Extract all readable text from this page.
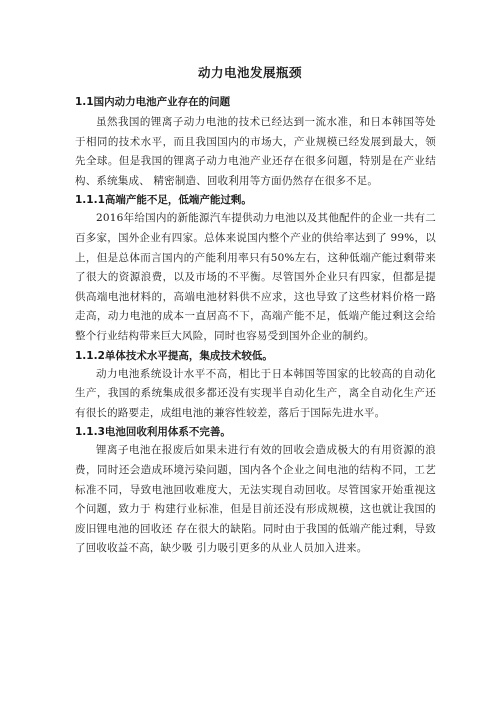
动力电池发展瓶颈

1.1国内动力电池产业存在的问题

虽然我国的锂离子动力电池的技术已经达到一流水准，和日本韩国等处于相同的技术水平，而且我国国内的市场大，产业规模已经发展到最大，领先全球。但是我国的锂离子动力电池产业还存在很多问题，特别是在产业结构、系统集成、 精密制造、回收利用等方面仍然存在很多不足。

1.1.1高端产能不足，低端产能过剩。

2016年给国内的新能源汽车提供动力电池以及其他配件的企业一共有二百多家，国外企业有四家。总体来说国内整个产业的供给率达到了 99%，以上，但是总体而言国内的产能利用率只有50%左右，这种低端产能过剩带来了很大的资源浪费，以及市场的不平衡。尽管国外企业只有四家，但都是提供高端电池材料的，高端电池材料供不应求，这也导致了这些材料价格一路走高，动力电池的成本一直居高不下，高端产能不足，低端产能过剩这会给整个行业结构带来巨大风险，同时也容易受到国外企业的制约。

1.1.2单体技术水平提高，集成技术较低。

动力电池系统设计水平不高，相比于日本韩国等国家的比较高的自动化生产，我国的系统集成很多都还没有实现半自动化生产，离全自动化生产还有很长的路要走，成组电池的兼容性较差，落后于国际先进水平。

1.1.3电池回收利用体系不完善。

锂离子电池在报废后如果未进行有效的回收会造成极大的有用资源的浪费，同时还会造成环境污染问题，国内各个企业之间电池的结构不同，工艺标准不同，导致电池回收难度大，无法实现自动回收。尽管国家开始重视这个问题，致力于 构建行业标准，但是目前还没有形成规模，这也就让我国的废旧锂电池的回收还 存在很大的缺陷。同时由于我国的低端产能过剩，导致了回收收益不高，缺少吸 引力吸引更多的从业人员加入进来。
